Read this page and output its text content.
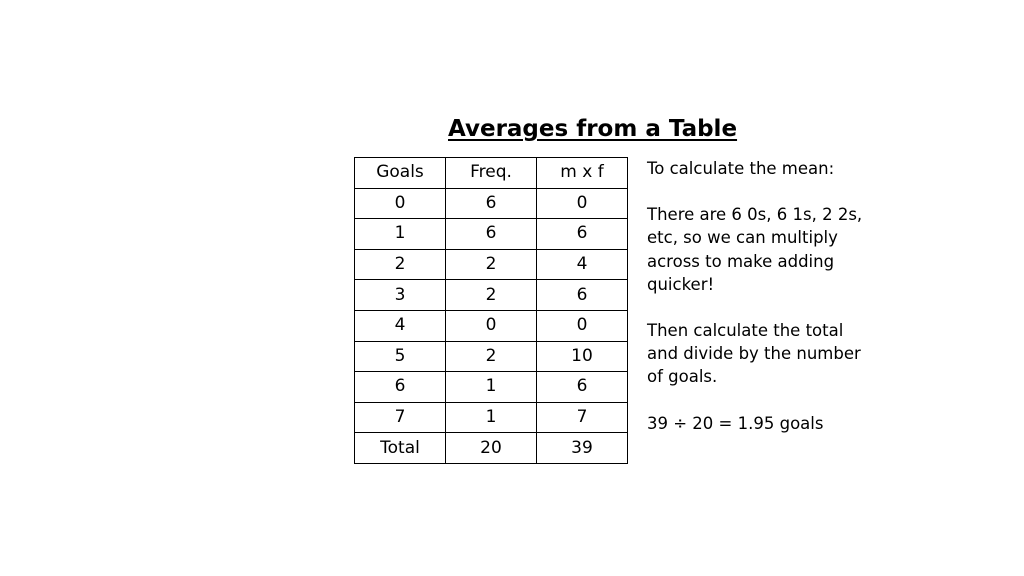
Averages from a Table
Goals	Freq.	m x f
0	6	0
1	6	6
2	2	4
3	2	6
4	0	0
5	2	10
6	1	6
7	1	7
Total	20	39

To calculate the mean:

There are 6 0s, 6 1s, 2 2s, etc, so we can multiply across to make adding quicker!

Then calculate the total and divide by the number of goals.

39 ÷ 20 = 1.95 goals
